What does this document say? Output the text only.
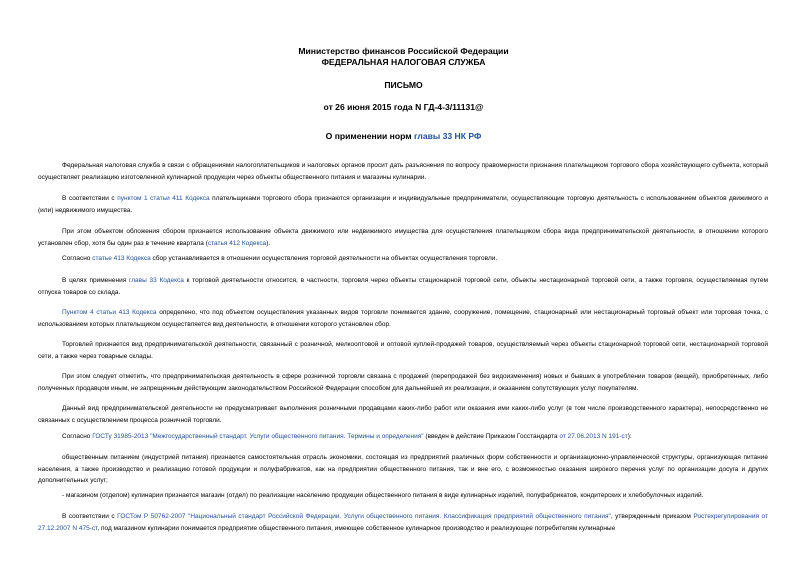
Министерство финансов Российской Федерации
ФЕДЕРАЛЬНАЯ НАЛОГОВАЯ СЛУЖБА
ПИСЬМО
от 26 июня 2015 года N ГД-4-3/11131@
О применении норм главы 33 НК РФ
Федеральная налоговая служба в связи с обращениями налогоплательщиков и налоговых органов просит дать разъяснения по вопросу правомерности признания плательщиком торгового сбора хозяйствующего субъекта, который осуществляет реализацию изготовленной кулинарной продукции через объекты общественного питания и магазины кулинарии.
В соответствии с пунктом 1 статьи 411 Кодекса плательщиками торгового сбора признаются организации и индивидуальные предприниматели, осуществляющие торговую деятельность с использованием объектов движимого и (или) недвижимого имущества.
При этом объектом обложения сбором признается использование объекта движимого или недвижимого имущества для осуществления плательщиком сбора вида предпринимательской деятельности, в отношении которого установлен сбор, хотя бы один раз в течение квартала (статья 412 Кодекса).
Согласно статье 413 Кодекса сбор устанавливается в отношении осуществления торговой деятельности на объектах осуществления торговли.
В целях применения главы 33 Кодекса к торговой деятельности относится, в частности, торговля через объекты стационарной торговой сети, объекты нестационарной торговой сети, а также торговля, осуществляемая путем отпуска товаров со склада.
Пунктом 4 статьи 413 Кодекса определено, что под объектом осуществления указанных видов торговли понимается здание, сооружение, помещение, стационарный или нестационарный торговый объект или торговая точка, с использованием которых плательщиком осуществляется вид деятельности, в отношении которого установлен сбор.
Торговлей признается вид предпринимательской деятельности, связанный с розничной, мелкооптовой и оптовой куплей-продажей товаров, осуществляемый через объекты стационарной торговой сети, нестационарной торговой сети, а также через товарные склады.
При этом следует отметить, что предпринимательская деятельность в сфере розничной торговли связана с продажей (перепродажей без видоизменения) новых и бывших в употреблении товаров (вещей), приобретенных, либо полученных продавцом иным, не запрещенным действующим законодательством Российской Федерации способом для дальнейшей их реализации, и оказанием сопутствующих услуг покупателям.
Данный вид предпринимательской деятельности не предусматривает выполнения розничными продавцами каких-либо работ или оказания ими каких-либо услуг (в том числе производственного характера), непосредственно не связанных с осуществлением процесса розничной торговли.
Согласно ГОСТу 31985-2013 "Межгосударственный стандарт. Услуги общественного питания. Термины и определения" (введен в действие Приказом Госстандарта от 27.06.2013 N 191-ст):
общественным питанием (индустрией питания) признается самостоятельная отрасль экономики, состоящая из предприятий различных форм собственности и организационно-управленческой структуры, организующая питание населения, а также производство и реализацию готовой продукции и полуфабрикатов, как на предприятии общественного питания, так и вне его, с возможностью оказания широкого перечня услуг по организации досуга и других дополнительных услуг;
- магазином (отделом) кулинарии признается магазин (отдел) по реализации населению продукции общественного питания в виде кулинарных изделий, полуфабрикатов, кондитерских и хлебобулочных изделий.
В соответствии с ГОСТом Р 50762-2007 "Национальный стандарт Российской Федерации. Услуги общественного питания. Классификация предприятий общественного питания", утвержденным приказом Ростехрегулирования от 27.12.2007 N 475-ст, под магазином кулинарии понимается предприятие общественного питания, имеющее собственное кулинарное производство и реализующее потребителям кулинарные
